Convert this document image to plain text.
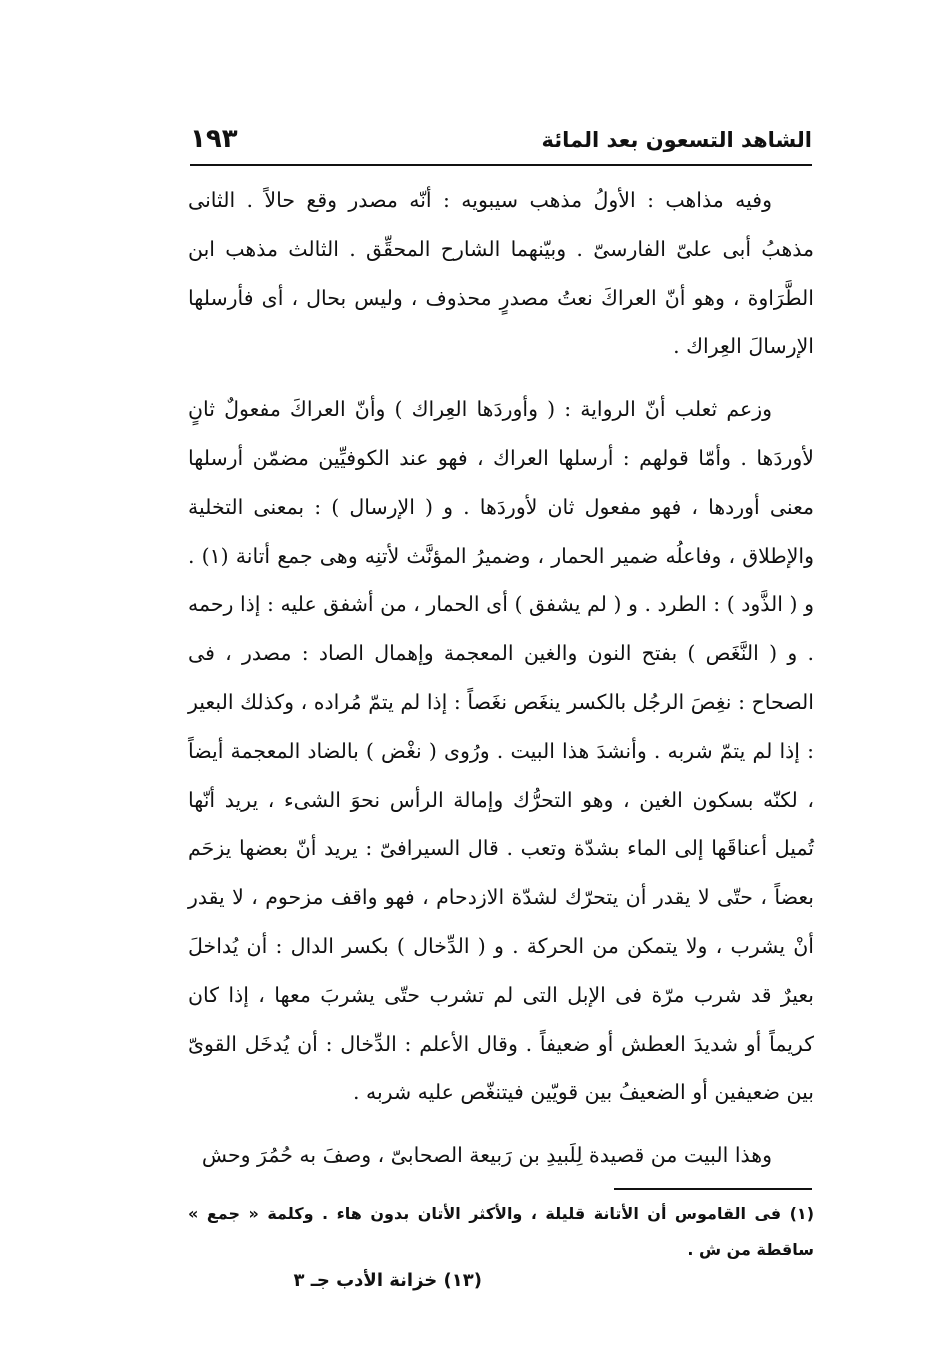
الشاهد التسعون بعد المائة
١٩٣

وفيه مذاهب : الأولُ مذهب سيبويه : أنّه مصدر وقع حالاً . الثانى مذهبُ أبى علىّ الفارسىّ . وبيّنهما الشارح المحقِّق . الثالث مذهب ابن الطَّرَاوة ، وهو أنّ العراكَ نعتُ مصدرٍ محذوف ، وليس بحال ، أى فأرسلها الإرسالَ العِراك .

وزعم ثعلب أنّ الرواية : ( وأوردَها العِراك ) وأنّ العراكَ مفعولٌ ثانٍ لأوردَها . وأمّا قولهم : أرسلها العراك ، فهو عند الكوفيِّين مضمّن أرسلها معنى أوردها ، فهو مفعول ثان لأوردَها . و ( الإرسال ) : بمعنى التخلية والإطلاق ، وفاعلُه ضمير الحمار ، وضميرُ المؤنَّث لأتنِه وهى جمع أتانة (١) . و ( الذَّود ) : الطرد . و ( لم يشفق ) أى الحمار ، من أشفق عليه : إذا رحمه . و ( النَّغَص ) بفتح النون والغين المعجمة وإهمال الصاد : مصدر ، فى الصحاح : نغِصَ الرجُل بالكسر ينغَص نغَصاً : إذا لم يتمّ مُراده ، وكذلك البعير : إذا لم يتمّ شربه . وأنشدَ هذا البيت . ورُوى ( نغْض ) بالضاد المعجمة أيضاً ، لكنّه بسكون الغين ، وهو التحرُّك وإمالة الرأس نحوَ الشىء ، يريد أنّها تُميل أعناقَها إلى الماء بشدّة وتعب . قال السيرافىّ : يريد أنّ بعضها يزحَم بعضاً ، حتّى لا يقدر أن يتحرّك لشدّة الازدحام ، فهو واقف مزحوم ، لا يقدر أنْ يشرب ، ولا يتمكن من الحركة . و ( الدِّخال ) بكسر الدال : أن يُداخلَ بعيرٌ قد شرب مرّة فى الإبل التى لم تشرب حتّى يشربَ معها ، إذا كان كريماً أو شديدَ العطش أو ضعيفاً . وقال الأعلم : الدِّخال : أن يُدخَل القوىّ بين ضعيفين أو الضعيفُ بين قويّين فيتنغّص عليه شربه .

وهذا البيت من قصيدة لِلَبيدِ بن رَبيعة الصحابىّ ، وصفَ به حُمُرَ وحش

(١) فى القاموس أن الأتانة قليلة ، والأكثر الأتان بدون هاء . وكلمة « جمع » ساقطة من ش .

(١٣) خزانة الأدب جـ ٣
